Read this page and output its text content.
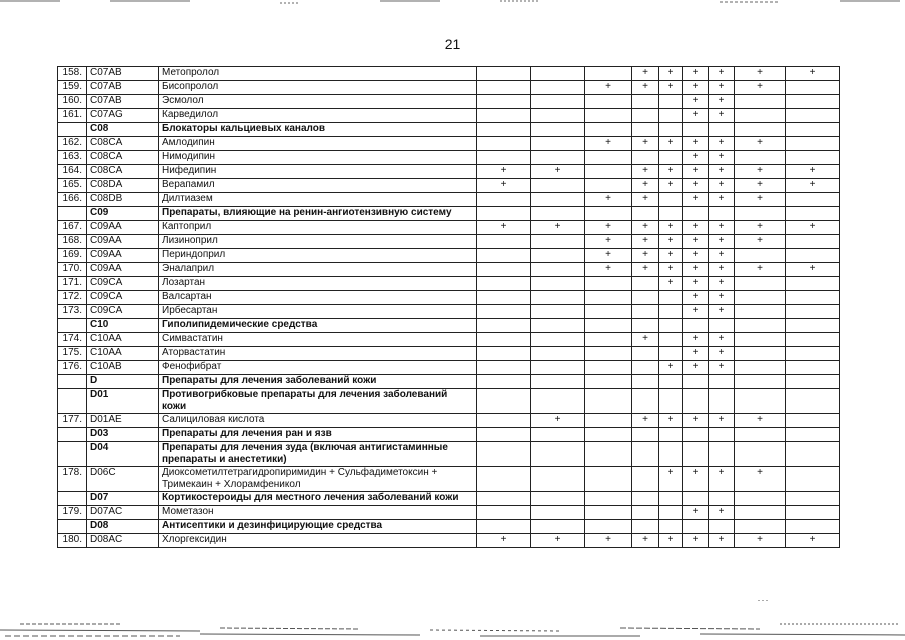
21
158.	C07AB	Метопролол				+	+	+	+	+	+
159.	C07AB	Бисопролол			+	+	+	+	+	+	
160.	C07AB	Эсмолол						+	+		
161.	C07AG	Карведилол						+	+		
	C08	Блокаторы кальциевых каналов									
162.	C08CA	Амлодипин			+	+	+	+	+	+	
163.	C08CA	Нимодипин						+	+		
164.	C08CA	Нифедипин	+	+		+	+	+	+	+	+
165.	C08DA	Верапамил	+			+	+	+	+	+	+
166.	C08DB	Дилтиазем			+	+		+	+	+	
	C09	Препараты, влияющие на ренин-ангиотензивную системy									
167.	C09AA	Каптоприл	+	+	+	+	+	+	+	+	+
168.	C09AA	Лизинoприл			+	+	+	+	+	+	
169.	C09AA	Периндоприл			+	+	+	+	+		
170.	C09AA	Эналаприл			+	+	+	+	+	+	+
171.	C09CA	Лозартан					+	+	+		
172.	C09CA	Валсартан						+	+		
173.	C09CA	Ирбесартан						+	+		
	C10	Гиполипидемические средства									
174.	C10AA	Симвастатин				+		+	+		
175.	C10AA	Аторвастатин						+	+		
176.	C10AB	Фенофибрат					+	+	+		
	D	Препараты для лечения заболеваний кожи									
	D01	Противогрибковые препараты для лечения заболеваний кожи									
177.	D01AE	Салициловая кислота		+		+	+	+	+	+	
	D03	Препараты для лечения ран и язв									
	D04	Препараты для лечения зуда (включая антигистаминные препараты и анестетики)									
178.	D06C	Диоксометилтетрагидропиримидин + Сульфадиметоксин + Тримекаин + Хлорамфеникол					+	+	+	+	
	D07	Кортикостероиды для местного лечения заболеваний кожи									
179.	D07AC	Мометазон						+	+		
	D08	Антисептики и дезинфицирующие средства									
180.	D08AC	Хлоргексидин	+	+	+	+	+	+	+	+	+
